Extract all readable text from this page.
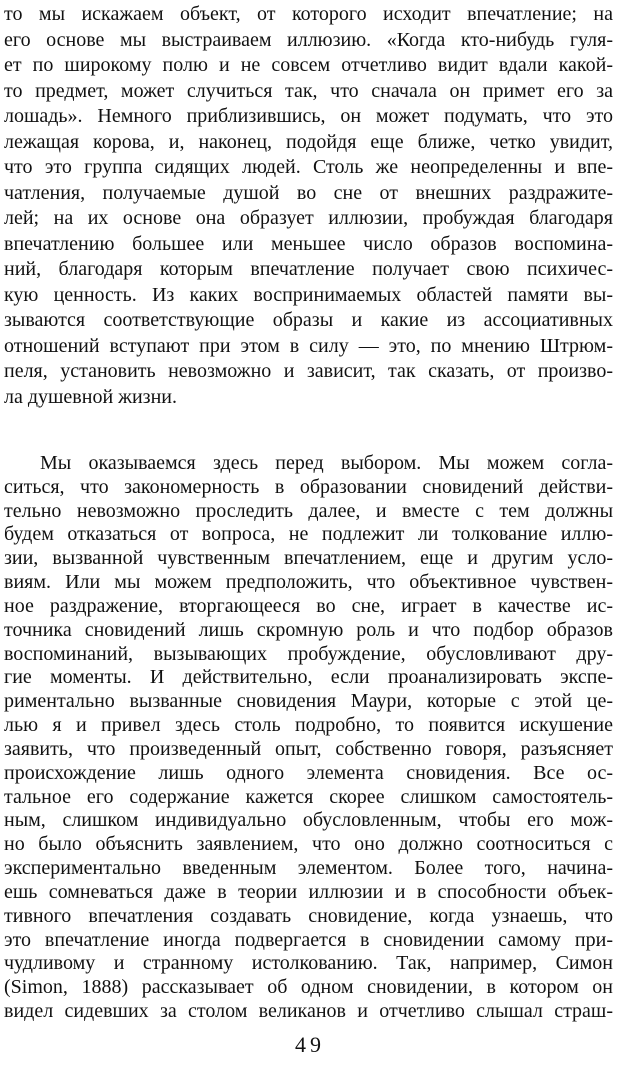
то мы искажаем объект, от которого исходит впечатление; на
его основе мы выстраиваем иллюзию. «Когда кто-нибудь гуля-
ет по широкому полю и не совсем отчетливо видит вдали какой-
то предмет, может случиться так, что сначала он примет его за
лошадь». Немного приблизившись, он может подумать, что это
лежащая корова, и, наконец, подойдя еще ближе, четко увидит,
что это группа сидящих людей. Столь же неопределенны и впе-
чатления, получаемые душой во сне от внешних раздражите-
лей; на их основе она образует иллюзии, пробуждая благодаря
впечатлению большее или меньшее число образов воспомина-
ний, благодаря которым впечатление получает свою психичес-
кую ценность. Из каких воспринимаемых областей памяти вы-
зываются соответствующие образы и какие из ассоциативных
отношений вступают при этом в силу — это, по мнению Штрюм-
пеля, установить невозможно и зависит, так сказать, от произво-
ла душевной жизни.
Мы оказываемся здесь перед выбором. Мы можем согла-
ситься, что закономерность в образовании сновидений действи-
тельно невозможно проследить далее, и вместе с тем должны
будем отказаться от вопроса, не подлежит ли толкование иллю-
зии, вызванной чувственным впечатлением, еще и другим усло-
виям. Или мы можем предположить, что объективное чувствен-
ное раздражение, вторгающееся во сне, играет в качестве ис-
точника сновидений лишь скромную роль и что подбор образов
воспоминаний, вызывающих пробуждение, обусловливают дру-
гие моменты. И действительно, если проанализировать экспе-
риментально вызванные сновидения Маури, которые с этой це-
лью я и привел здесь столь подробно, то появится искушение
заявить, что произведенный опыт, собственно говоря, разъясняет
происхождение лишь одного элемента сновидения. Все ос-
тальное его содержание кажется скорее слишком самостоятель-
ным, слишком индивидуально обусловленным, чтобы его мож-
но было объяснить заявлением, что оно должно соотноситься с
экспериментально введенным элементом. Более того, начина-
ешь сомневаться даже в теории иллюзии и в способности объек-
тивного впечатления создавать сновидение, когда узнаешь, что
это впечатление иногда подвергается в сновидении самому при-
чудливому и странному истолкованию. Так, например, Симон
(Simon, 1888) рассказывает об одном сновидении, в котором он
видел сидевших за столом великанов и отчетливо слышал страш-
49
